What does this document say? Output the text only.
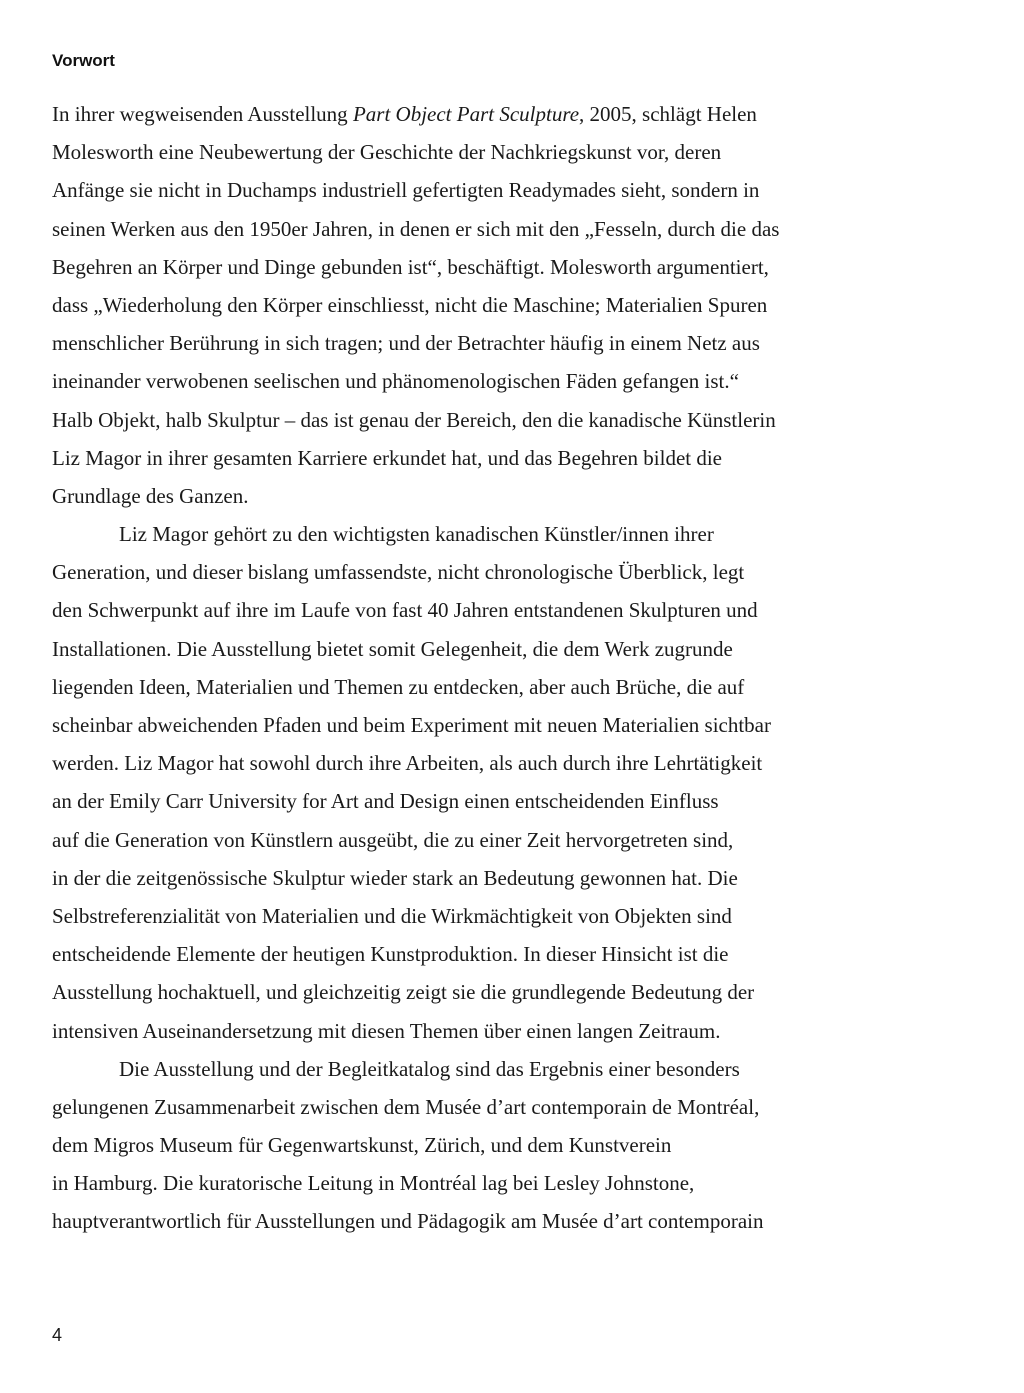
Vorwort
In ihrer wegweisenden Ausstellung Part Object Part Sculpture, 2005, schlägt Helen
Molesworth eine Neubewertung der Geschichte der Nachkriegskunst vor, deren
Anfänge sie nicht in Duchamps industriell gefertigten Readymades sieht, sondern in
seinen Werken aus den 1950er Jahren, in denen er sich mit den „Fesseln, durch die das
Begehren an Körper und Dinge gebunden ist“, beschäftigt. Molesworth argumentiert,
dass „Wiederholung den Körper einschliesst, nicht die Maschine; Materialien Spuren
menschlicher Berührung in sich tragen; und der Betrachter häufig in einem Netz aus
ineinander verwobenen seelischen und phänomenologischen Fäden gefangen ist.“
Halb Objekt, halb Skulptur – das ist genau der Bereich, den die kanadische Künstlerin
Liz Magor in ihrer gesamten Karriere erkundet hat, und das Begehren bildet die
Grundlage des Ganzen.
Liz Magor gehört zu den wichtigsten kanadischen Künstler/innen ihrer
Generation, und dieser bislang umfassendste, nicht chronologische Überblick, legt
den Schwerpunkt auf ihre im Laufe von fast 40 Jahren entstandenen Skulpturen und
Installationen. Die Ausstellung bietet somit Gelegenheit, die dem Werk zugrunde
liegenden Ideen, Materialien und Themen zu entdecken, aber auch Brüche, die auf
scheinbar abweichenden Pfaden und beim Experiment mit neuen Materialien sichtbar
werden. Liz Magor hat sowohl durch ihre Arbeiten, als auch durch ihre Lehrtätigkeit
an der Emily Carr University for Art and Design einen entscheidenden Einfluss
auf die Generation von Künstlern ausgeübt, die zu einer Zeit hervorgetreten sind,
in der die zeitgenössische Skulptur wieder stark an Bedeutung gewonnen hat. Die
Selbstreferenzialität von Materialien und die Wirkmächtigkeit von Objekten sind
entscheidende Elemente der heutigen Kunstproduktion. In dieser Hinsicht ist die
Ausstellung hochaktuell, und gleichzeitig zeigt sie die grundlegende Bedeutung der
intensiven Auseinandersetzung mit diesen Themen über einen langen Zeitraum.
Die Ausstellung und der Begleitkatalog sind das Ergebnis einer besonders
gelungenen Zusammenarbeit zwischen dem Musée d’art contemporain de Montréal,
dem Migros Museum für Gegenwartskunst, Zürich, und dem Kunstverein
in Hamburg. Die kuratorische Leitung in Montréal lag bei Lesley Johnstone,
hauptverantwortlich für Ausstellungen und Pädagogik am Musée d’art contemporain
4
